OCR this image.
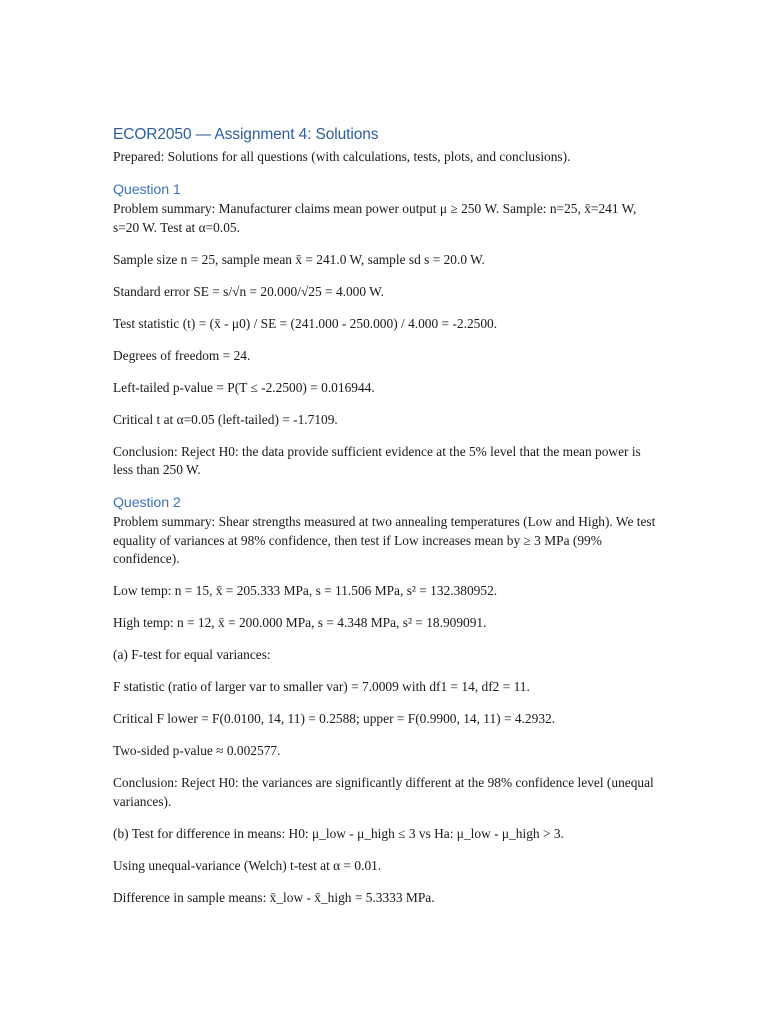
ECOR2050 — Assignment 4: Solutions

Prepared: Solutions for all questions (with calculations, tests, plots, and conclusions).

Question 1

Problem summary: Manufacturer claims mean power output μ ≥ 250 W. Sample: n=25, x̄=241 W, s=20 W. Test at α=0.05.

Sample size n = 25, sample mean x̄ = 241.0 W, sample sd s = 20.0 W.

Standard error SE = s/√n = 20.000/√25 = 4.000 W.

Test statistic (t) = (x̄ - μ0) / SE = (241.000 - 250.000) / 4.000 = -2.2500.

Degrees of freedom = 24.

Left-tailed p-value = P(T ≤ -2.2500) = 0.016944.

Critical t at α=0.05 (left-tailed) = -1.7109.

Conclusion: Reject H0: the data provide sufficient evidence at the 5% level that the mean power is less than 250 W.

Question 2

Problem summary: Shear strengths measured at two annealing temperatures (Low and High). We test equality of variances at 98% confidence, then test if Low increases mean by ≥ 3 MPa (99% confidence).

Low temp: n = 15, x̄ = 205.333 MPa, s = 11.506 MPa, s² = 132.380952.

High temp: n = 12, x̄ = 200.000 MPa, s = 4.348 MPa, s² = 18.909091.

(a) F-test for equal variances:

F statistic (ratio of larger var to smaller var) = 7.0009 with df1 = 14, df2 = 11.

Critical F lower = F(0.0100, 14, 11) = 0.2588; upper = F(0.9900, 14, 11) = 4.2932.

Two-sided p-value ≈ 0.002577.

Conclusion: Reject H0: the variances are significantly different at the 98% confidence level (unequal variances).

(b) Test for difference in means: H0: μ_low - μ_high ≤ 3 vs Ha: μ_low - μ_high > 3.

Using unequal-variance (Welch) t-test at α = 0.01.

Difference in sample means: x̄_low - x̄_high = 5.3333 MPa.
